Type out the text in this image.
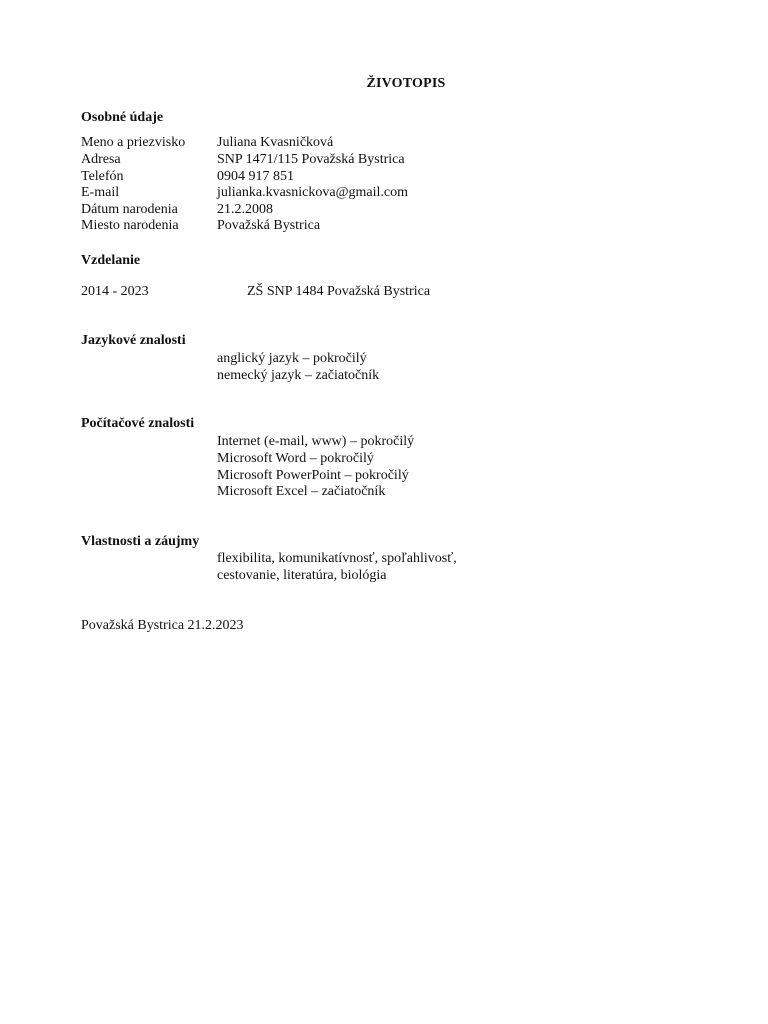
ŽIVOTOPIS
Osobné údaje
Meno a priezvisko Juliana Kvasničková
Adresa	SNP 1471/115 Považská Bystrica
Telefón	0904 917 851
E-mail	julianka.kvasnickova@gmail.com
Dátum narodenia	21.2.2008
Miesto narodenia	Považská Bystrica
Vzdelanie
2014 - 2023	ZŠ SNP 1484 Považská Bystrica
Jazykové znalosti
anglický jazyk – pokročilý
nemecký jazyk – začiatočník
Počítačové znalosti
Internet (e-mail, www) – pokročilý
Microsoft Word – pokročilý
Microsoft PowerPoint – pokročilý
Microsoft Excel – začiatočník
Vlastnosti a záujmy
flexibilita, komunikatívnosť, spoľahlivosť,
cestovanie, literatúra, biológia
Považská Bystrica 21.2.2023
